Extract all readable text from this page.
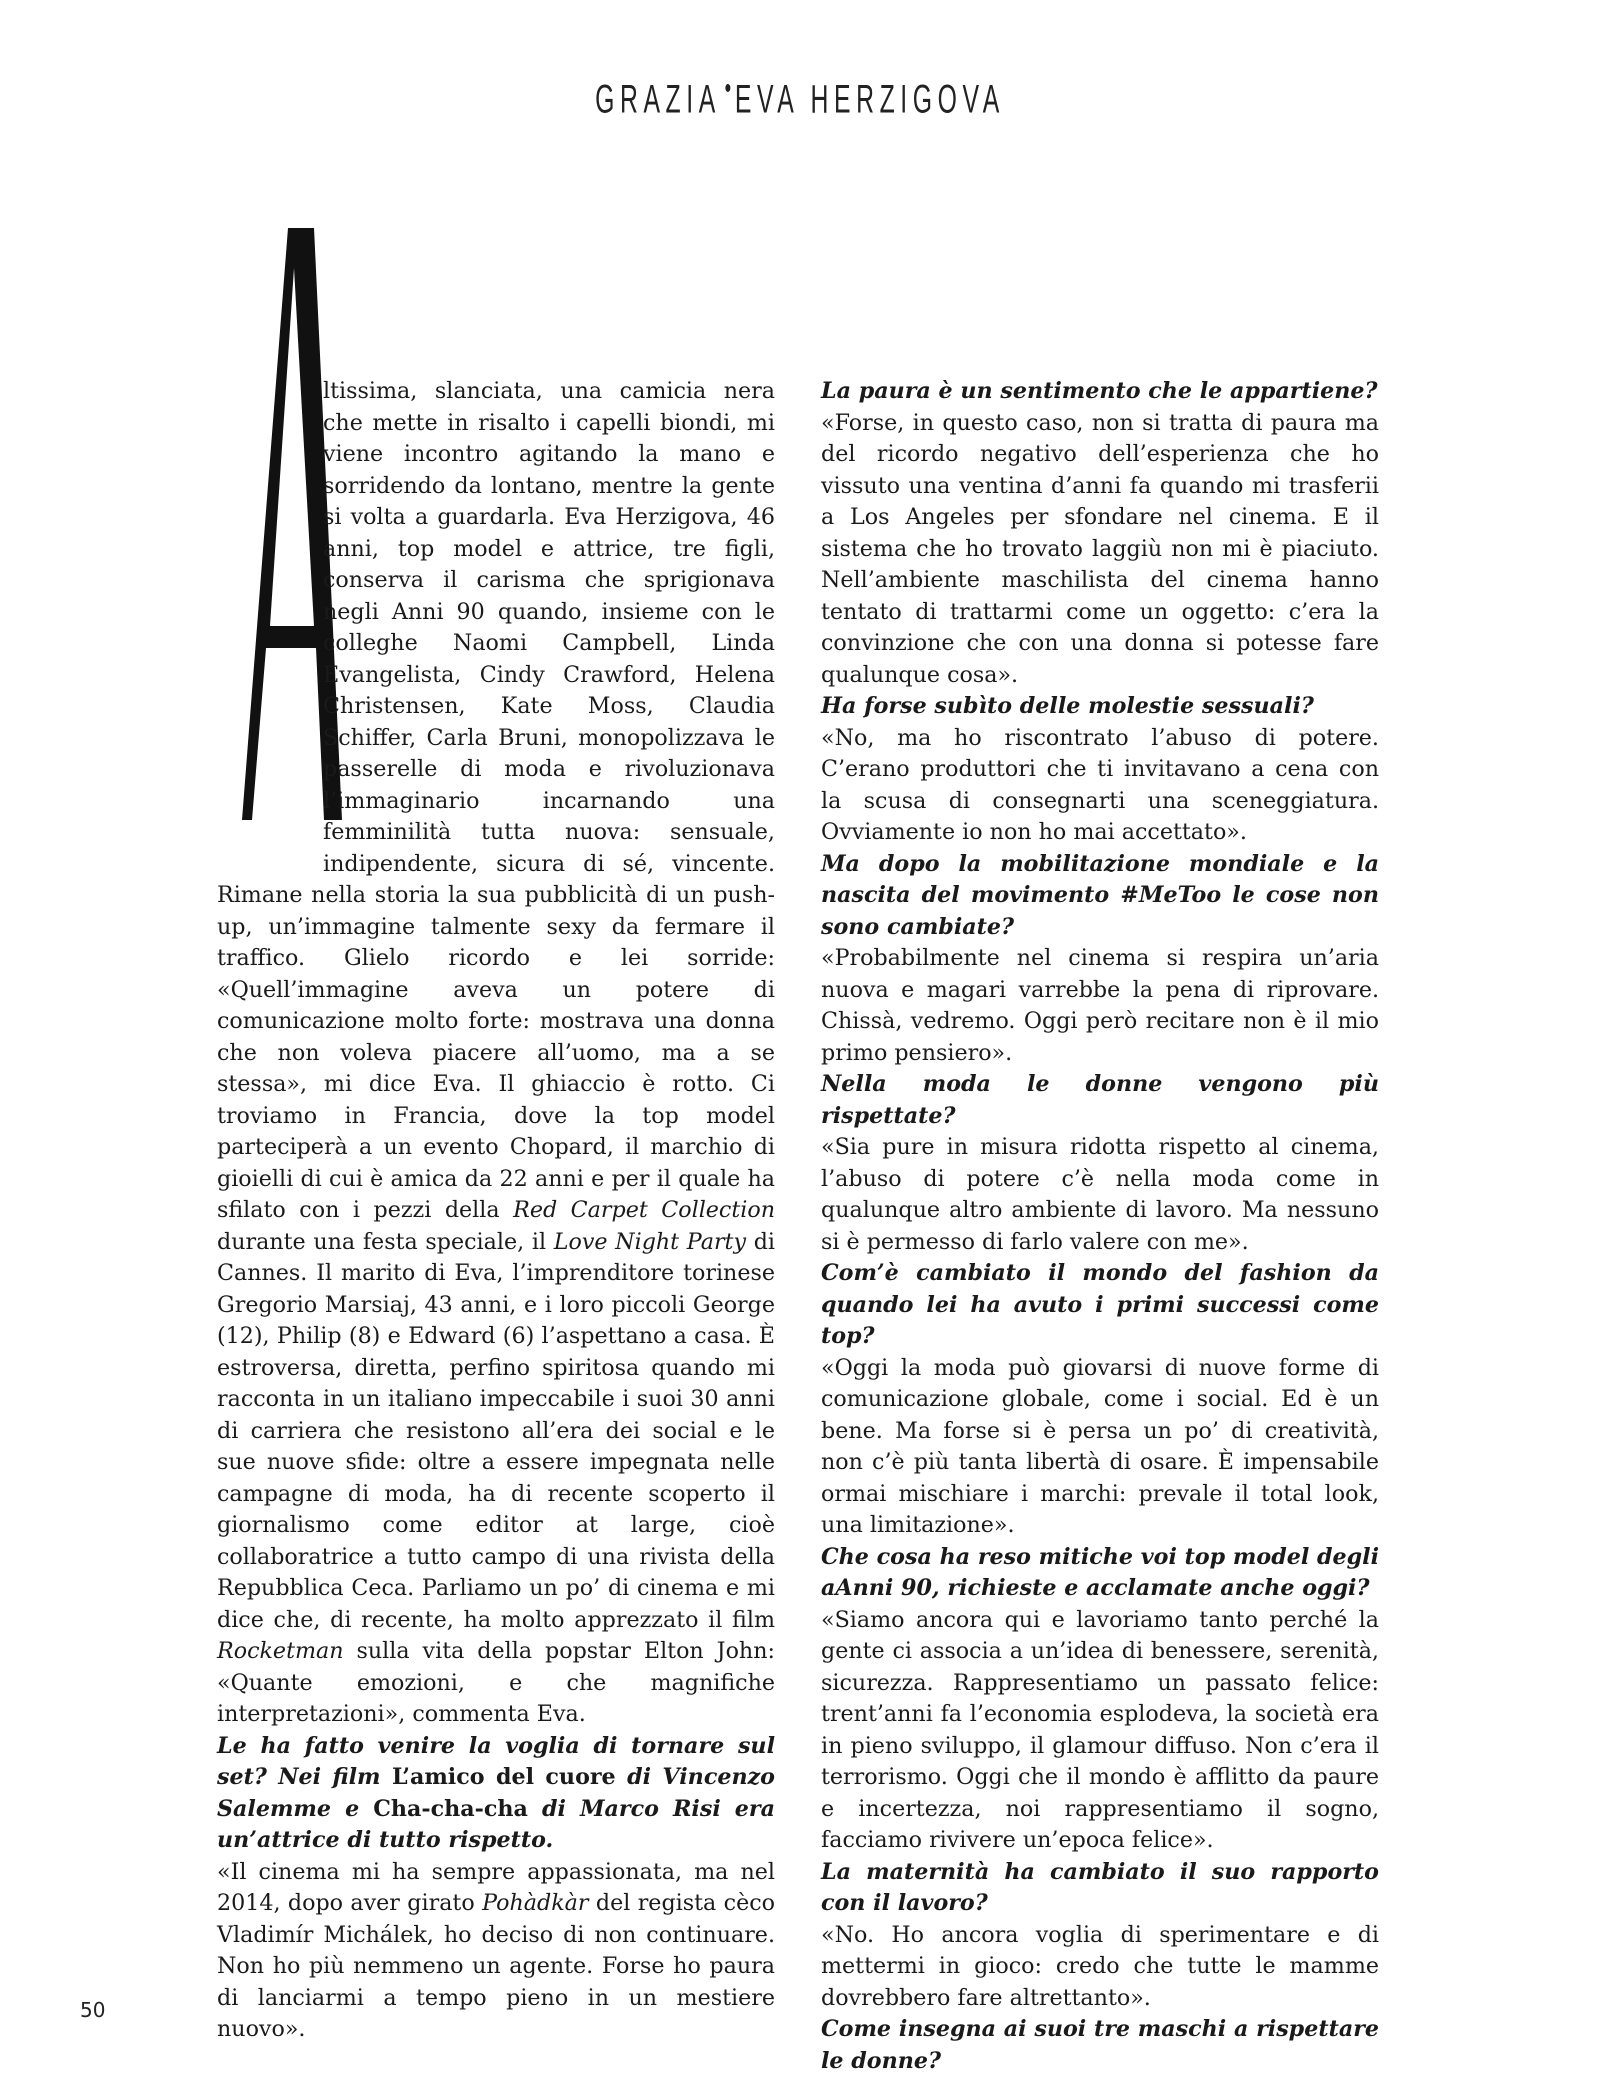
GRAZIA •EVA HERZIGOVA

ltissima, slanciata, una camicia nera che mette in risalto i capelli biondi, mi viene incontro agitando la mano e sorridendo da lontano, mentre la gente si volta a guardarla. Eva Herzigova, 46 anni, top model e attrice, tre figli, conserva il carisma che sprigionava negli Anni 90 quando, insieme con le colleghe Naomi Campbell, Linda Evangelista, Cindy Crawford, Helena Christensen, Kate Moss, Claudia Schiffer, Carla Bruni, monopolizzava le passerelle di moda e rivoluzionava l’immaginario incarnando una femminilità tutta nuova: sensuale, indipendente, sicura di sé, vincente. Rimane nella storia la sua pubblicità di un push-up, un’immagine talmente sexy da fermare il traffico. Glielo ricordo e lei sorride: «Quell’immagine aveva un potere di comunicazione molto forte: mostrava una donna che non voleva piacere all’uomo, ma a se stessa», mi dice Eva. Il ghiaccio è rotto. Ci troviamo in Francia, dove la top model parteciperà a un evento Chopard, il marchio di gioielli di cui è amica da 22 anni e per il quale ha sfilato con i pezzi della Red Carpet Collection durante una festa speciale, il Love Night Party di Cannes. Il marito di Eva, l’imprenditore torinese Gregorio Marsiaj, 43 anni, e i loro piccoli George (12), Philip (8) e Edward (6) l’aspettano a casa. È estroversa, diretta, perfino spiritosa quando mi racconta in un italiano impeccabile i suoi 30 anni di carriera che resistono all’era dei social e le sue nuove sfide: oltre a essere impegnata nelle campagne di moda, ha di recente scoperto il giornalismo come editor at large, cioè collaboratrice a tutto campo di una rivista della Repubblica Ceca. Parliamo un po’ di cinema e mi dice che, di recente, ha molto apprezzato il film Rocketman sulla vita della popstar Elton John: «Quante emozioni, e che magnifiche interpretazioni», commenta Eva.

Le ha fatto venire la voglia di tornare sul set? Nei film L’amico del cuore di Vincenzo Salemme e Cha-cha-cha di Marco Risi era un’attrice di tutto rispetto.

«Il cinema mi ha sempre appassionata, ma nel 2014, dopo aver girato Pohàdkàr del regista cèco Vladimír Michálek, ho deciso di non continuare. Non ho più nemmeno un agente. Forse ho paura di lanciarmi a tempo pieno in un mestiere nuovo».

La paura è un sentimento che le appartiene?

«Forse, in questo caso, non si tratta di paura ma del ricordo negativo dell’esperienza che ho vissuto una ventina d’anni fa quando mi trasferii a Los Angeles per sfondare nel cinema. E il sistema che ho trovato laggiù non mi è piaciuto. Nell’ambiente maschilista del cinema hanno tentato di trattarmi come un oggetto: c’era la convinzione che con una donna si potesse fare qualunque cosa».

Ha forse subìto delle molestie sessuali?

«No, ma ho riscontrato l’abuso di potere. C’erano produttori che ti invitavano a cena con la scusa di consegnarti una sceneggiatura. Ovviamente io non ho mai accettato».

Ma dopo la mobilitazione mondiale e la nascita del movimento #MeToo le cose non sono cambiate?

«Probabilmente nel cinema si respira un’aria nuova e magari varrebbe la pena di riprovare. Chissà, vedremo. Oggi però recitare non è il mio primo pensiero».

Nella moda le donne vengono più rispettate?

«Sia pure in misura ridotta rispetto al cinema, l’abuso di potere c’è nella moda come in qualunque altro ambiente di lavoro. Ma nessuno si è permesso di farlo valere con me».

Com’è cambiato il mondo del fashion da quando lei ha avuto i primi successi come top?

«Oggi la moda può giovarsi di nuove forme di comunicazione globale, come i social. Ed è un bene. Ma forse si è persa un po’ di creatività, non c’è più tanta libertà di osare. È impensabile ormai mischiare i marchi: prevale il total look, una limitazione».

Che cosa ha reso mitiche voi top model degli aAnni 90, richieste e acclamate anche oggi?

«Siamo ancora qui e lavoriamo tanto perché la gente ci associa a un’idea di benessere, serenità, sicurezza. Rappresentiamo un passato felice: trent’anni fa l’economia esplodeva, la società era in pieno sviluppo, il glamour diffuso. Non c’era il terrorismo. Oggi che il mondo è afflitto da paure e incertezza, noi rappresentiamo il sogno, facciamo rivivere un’epoca felice».

La maternità ha cambiato il suo rapporto con il lavoro?

«No. Ho ancora voglia di sperimentare e di mettermi in gioco: credo che tutte le mamme dovrebbero fare altrettanto».

Come insegna ai suoi tre maschi a rispettare le donne?

50
